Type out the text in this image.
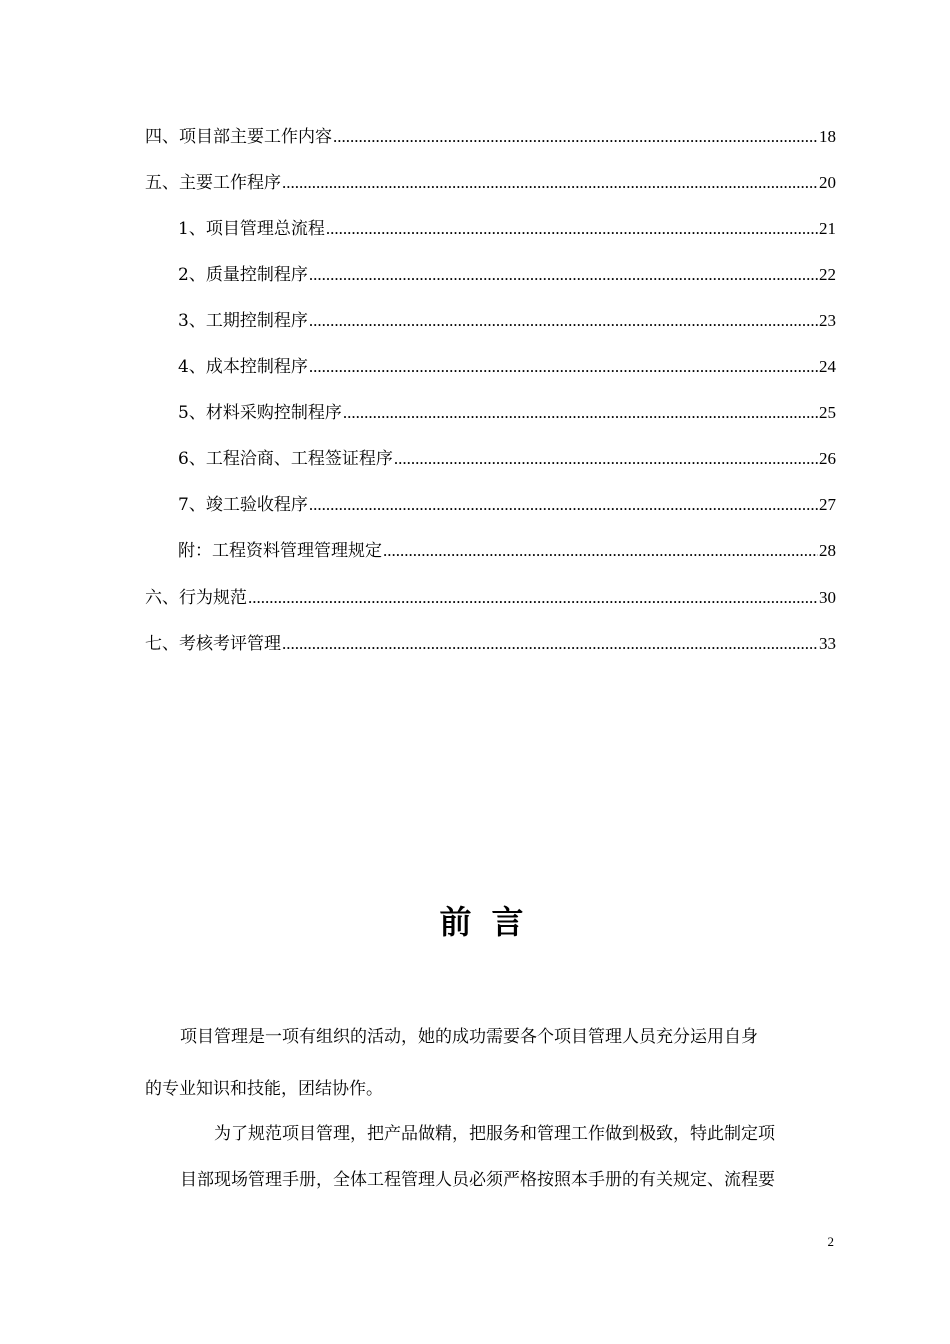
四、项目部主要工作内容 .....	18
五、主要工作程序 .....	20
1、项目管理总流程 .....	21
2、质量控制程序 .....	22
3、工期控制程序 .....	23
4、成本控制程序 .....	24
5、材料采购控制程序 .....	25
6、工程洽商、工程签证程序 .....	26
7、竣工验收程序 .....	27
附：工程资料管理管理规定 .....	28
六、行为规范 .....	30
七、考核考评管理 .....	33
前言
项目管理是一项有组织的活动，她的成功需要各个项目管理人员充分运用自身
的专业知识和技能，团结协作。
为了规范项目管理，把产品做精，把服务和管理工作做到极致，特此制定项
目部现场管理手册，全体工程管理人员必须严格按照本手册的有关规定、流程要
2
